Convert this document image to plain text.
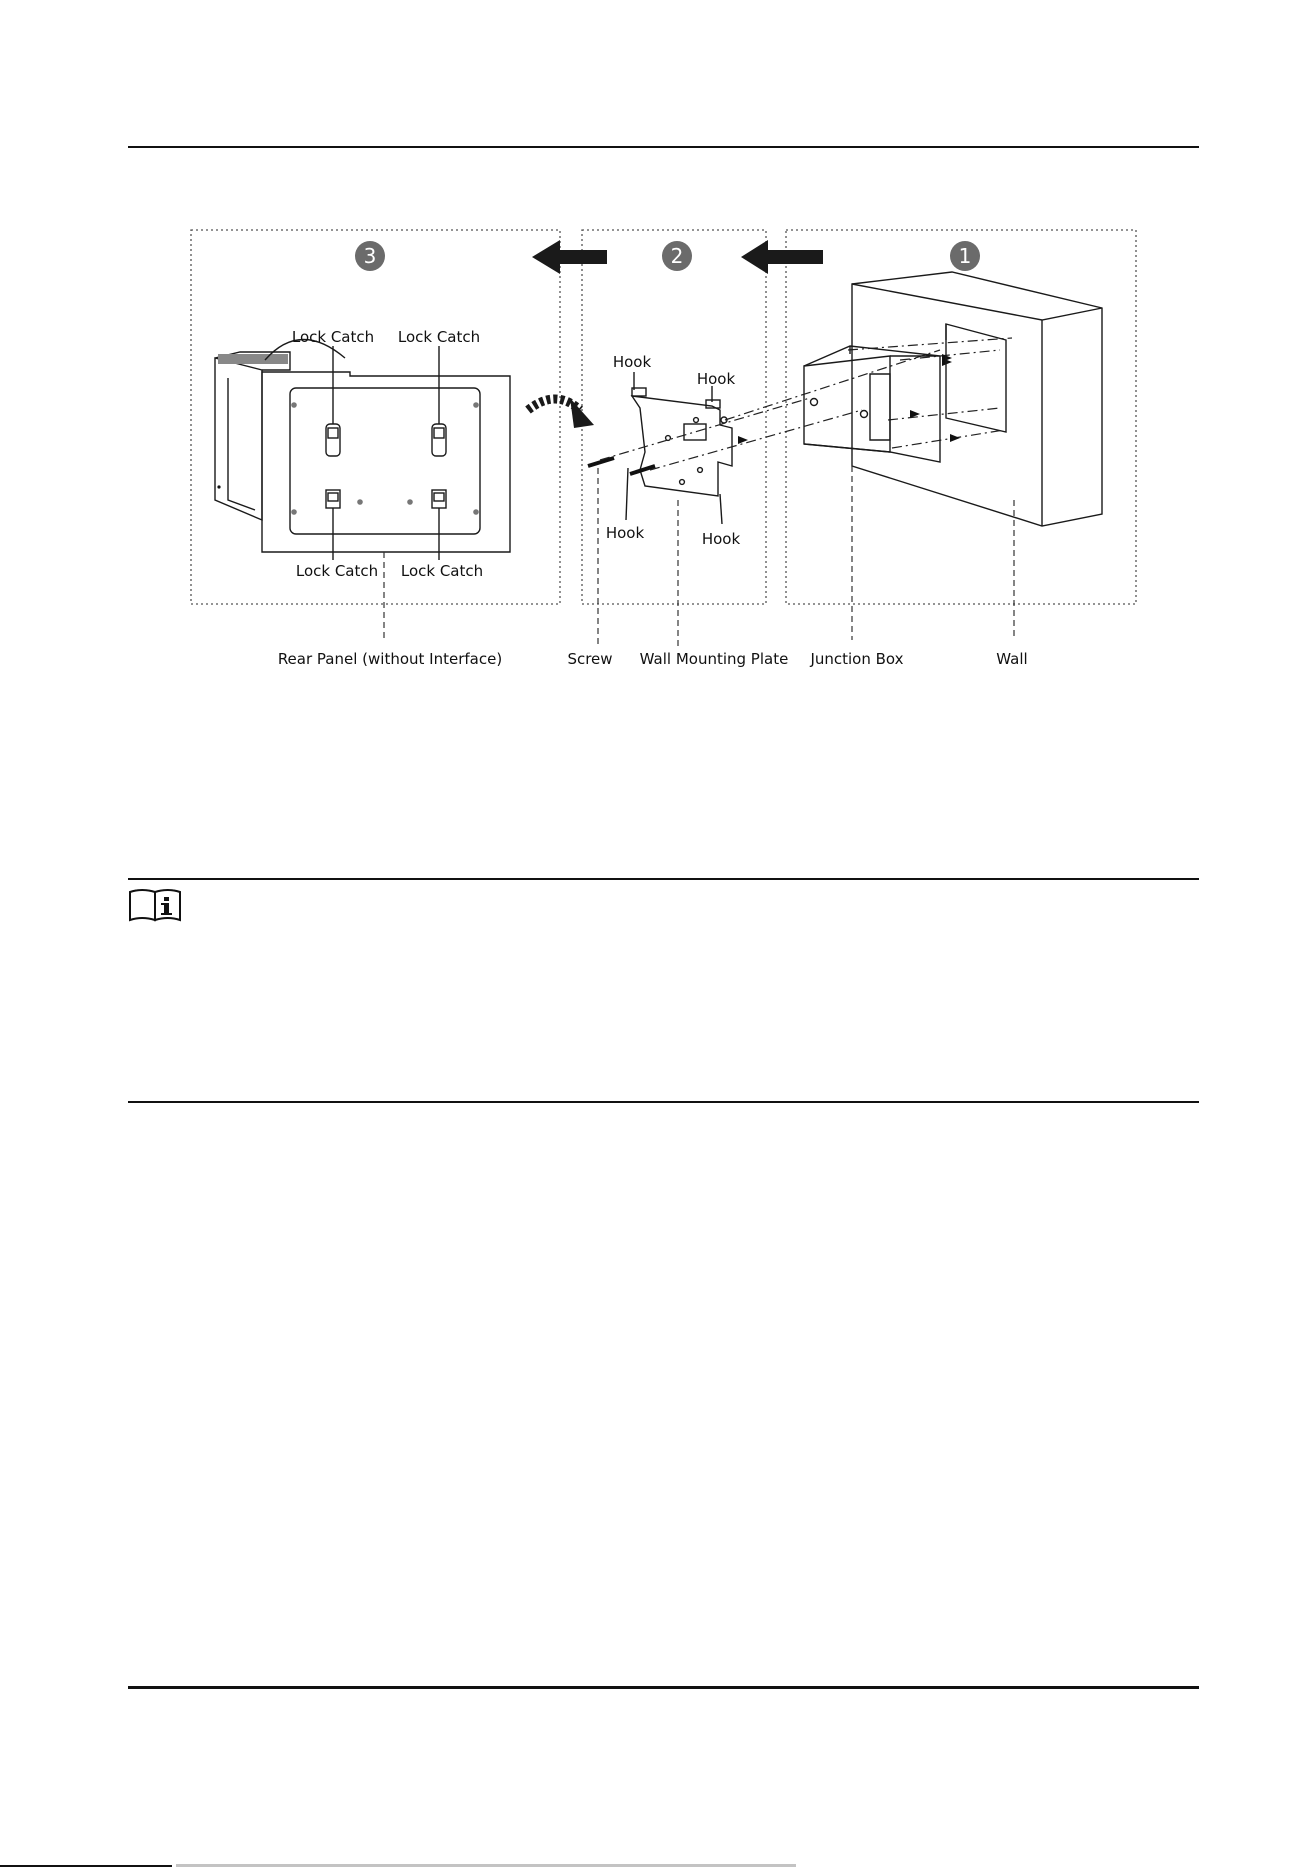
3	2	1
Lock Catch Lock Catch
Lock Catch Lock Catch
Hook
Hook
Hook	Hook
Rear Panel (without Interface)	Screw Wall Mounting Plate Junction Box	Wall
